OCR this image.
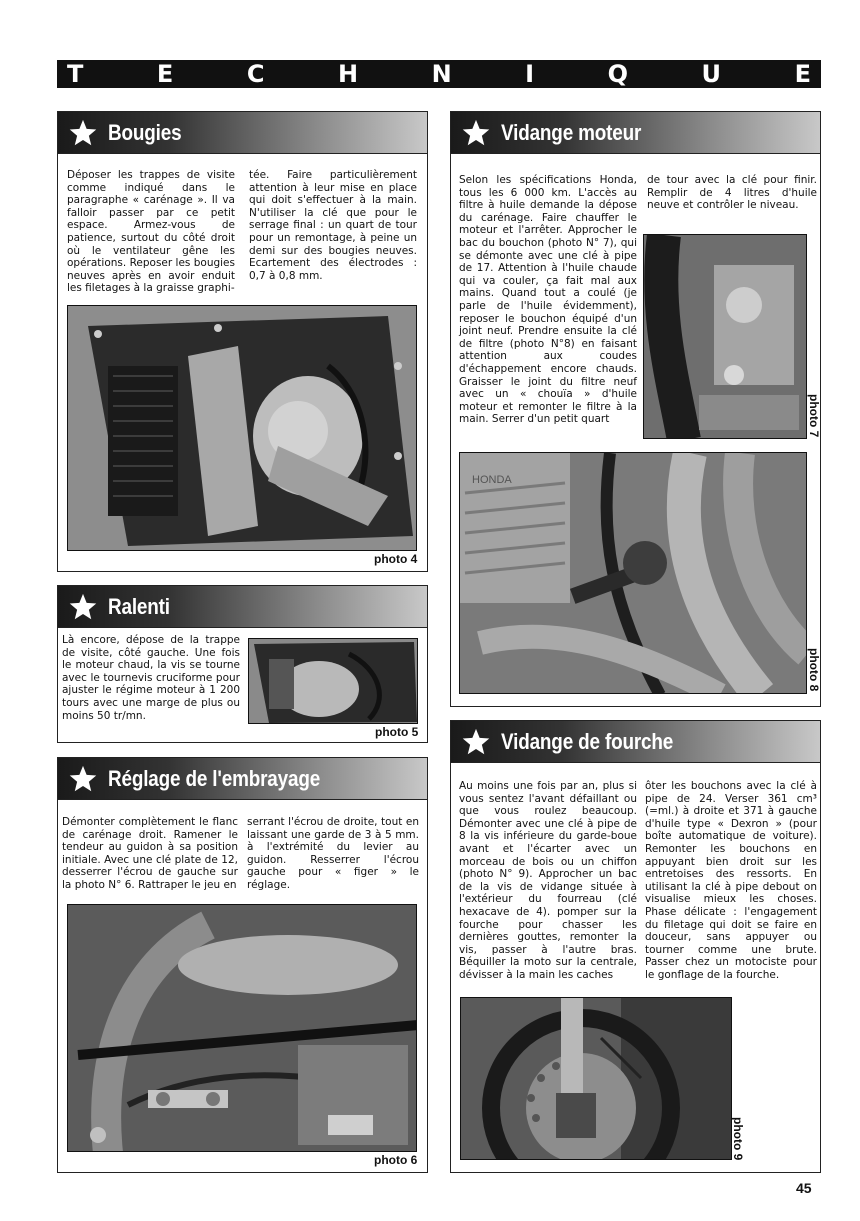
T	E	C	H	N	I	Q	U	E
Bougies
Déposer les trappes de visite comme indiqué dans le paragraphe « carénage ». Il va falloir passer par ce petit espace. Armez-vous de patience, surtout du côté droit où le ventilateur gêne les opérations. Reposer les bougies neuves après en avoir enduit les filetages à la graisse graphi-
tée. Faire particulièrement attention à leur mise en place qui doit s'effectuer à la main. N'utiliser la clé que pour le serrage final : un quart de tour pour un remontage, à peine un demi sur des bougies neuves. Ecartement des électrodes : 0,7 à 0,8 mm.
photo 4
Ralenti
Là encore, dépose de la trappe de visite, côté gauche. Une fois le moteur chaud, la vis se tourne avec le tournevis cruciforme pour ajuster le régime moteur à 1 200 tours avec une marge de plus ou moins 50 tr/mn.
photo 5
Réglage de l'embrayage
Démonter complètement le flanc de carénage droit. Ramener le tendeur au guidon à sa position initiale. Avec une clé plate de 12, desserrer l'écrou de gauche sur la photo N° 6. Rattraper le jeu en
serrant l'écrou de droite, tout en laissant une garde de 3 à 5 mm. à l'extrémité du levier au guidon. Resserrer l'écrou gauche pour « figer » le réglage.
photo 6
Vidange moteur
Selon les spécifications Honda, tous les 6 000 km. L'accès au filtre à huile demande la dépose du carénage. Faire chauffer le moteur et l'arrêter. Approcher le bac du bouchon (photo N° 7), qui se démonte avec une clé à pipe de 17. Attention à l'huile chaude qui va couler, ça fait mal aux mains. Quand tout a coulé (je parle de l'huile évidemment), reposer le bouchon équipé d'un joint neuf. Prendre ensuite la clé de filtre (photo N°8) en faisant attention aux coudes d'échappement encore chauds. Graisser le joint du filtre neuf avec un « chouïa » d'huile moteur et remonter le filtre à la main. Serrer d'un petit quart
de tour avec la clé pour finir. Remplir de 4 litres d'huile neuve et contrôler le niveau.
photo 7
HONDA
photo 8
Vidange de fourche
Au moins une fois par an, plus si vous sentez l'avant défaillant ou que vous roulez beaucoup. Démonter avec une clé à pipe de 8 la vis inférieure du garde-boue avant et l'écarter avec un morceau de bois ou un chiffon (photo N° 9). Approcher un bac de la vis de vidange située à l'extérieur du fourreau (clé hexacave de 4). pomper sur la fourche pour chasser les dernières gouttes, remonter la vis, passer à l'autre bras. Béquiller la moto sur la centrale, dévisser à la main les caches
ôter les bouchons avec la clé à pipe de 24. Verser 361 cm³ (=ml.) à droite et 371 à gauche d'huile type « Dexron » (pour boîte automatique de voiture). Remonter les bouchons en appuyant bien droit sur les entretoises des ressorts. En utilisant la clé à pipe debout on visualise mieux les choses. Phase délicate : l'engagement du filetage qui doit se faire en douceur, sans appuyer ou tourner comme une brute. Passer chez un motociste pour le gonflage de la fourche.
photo 9
45
